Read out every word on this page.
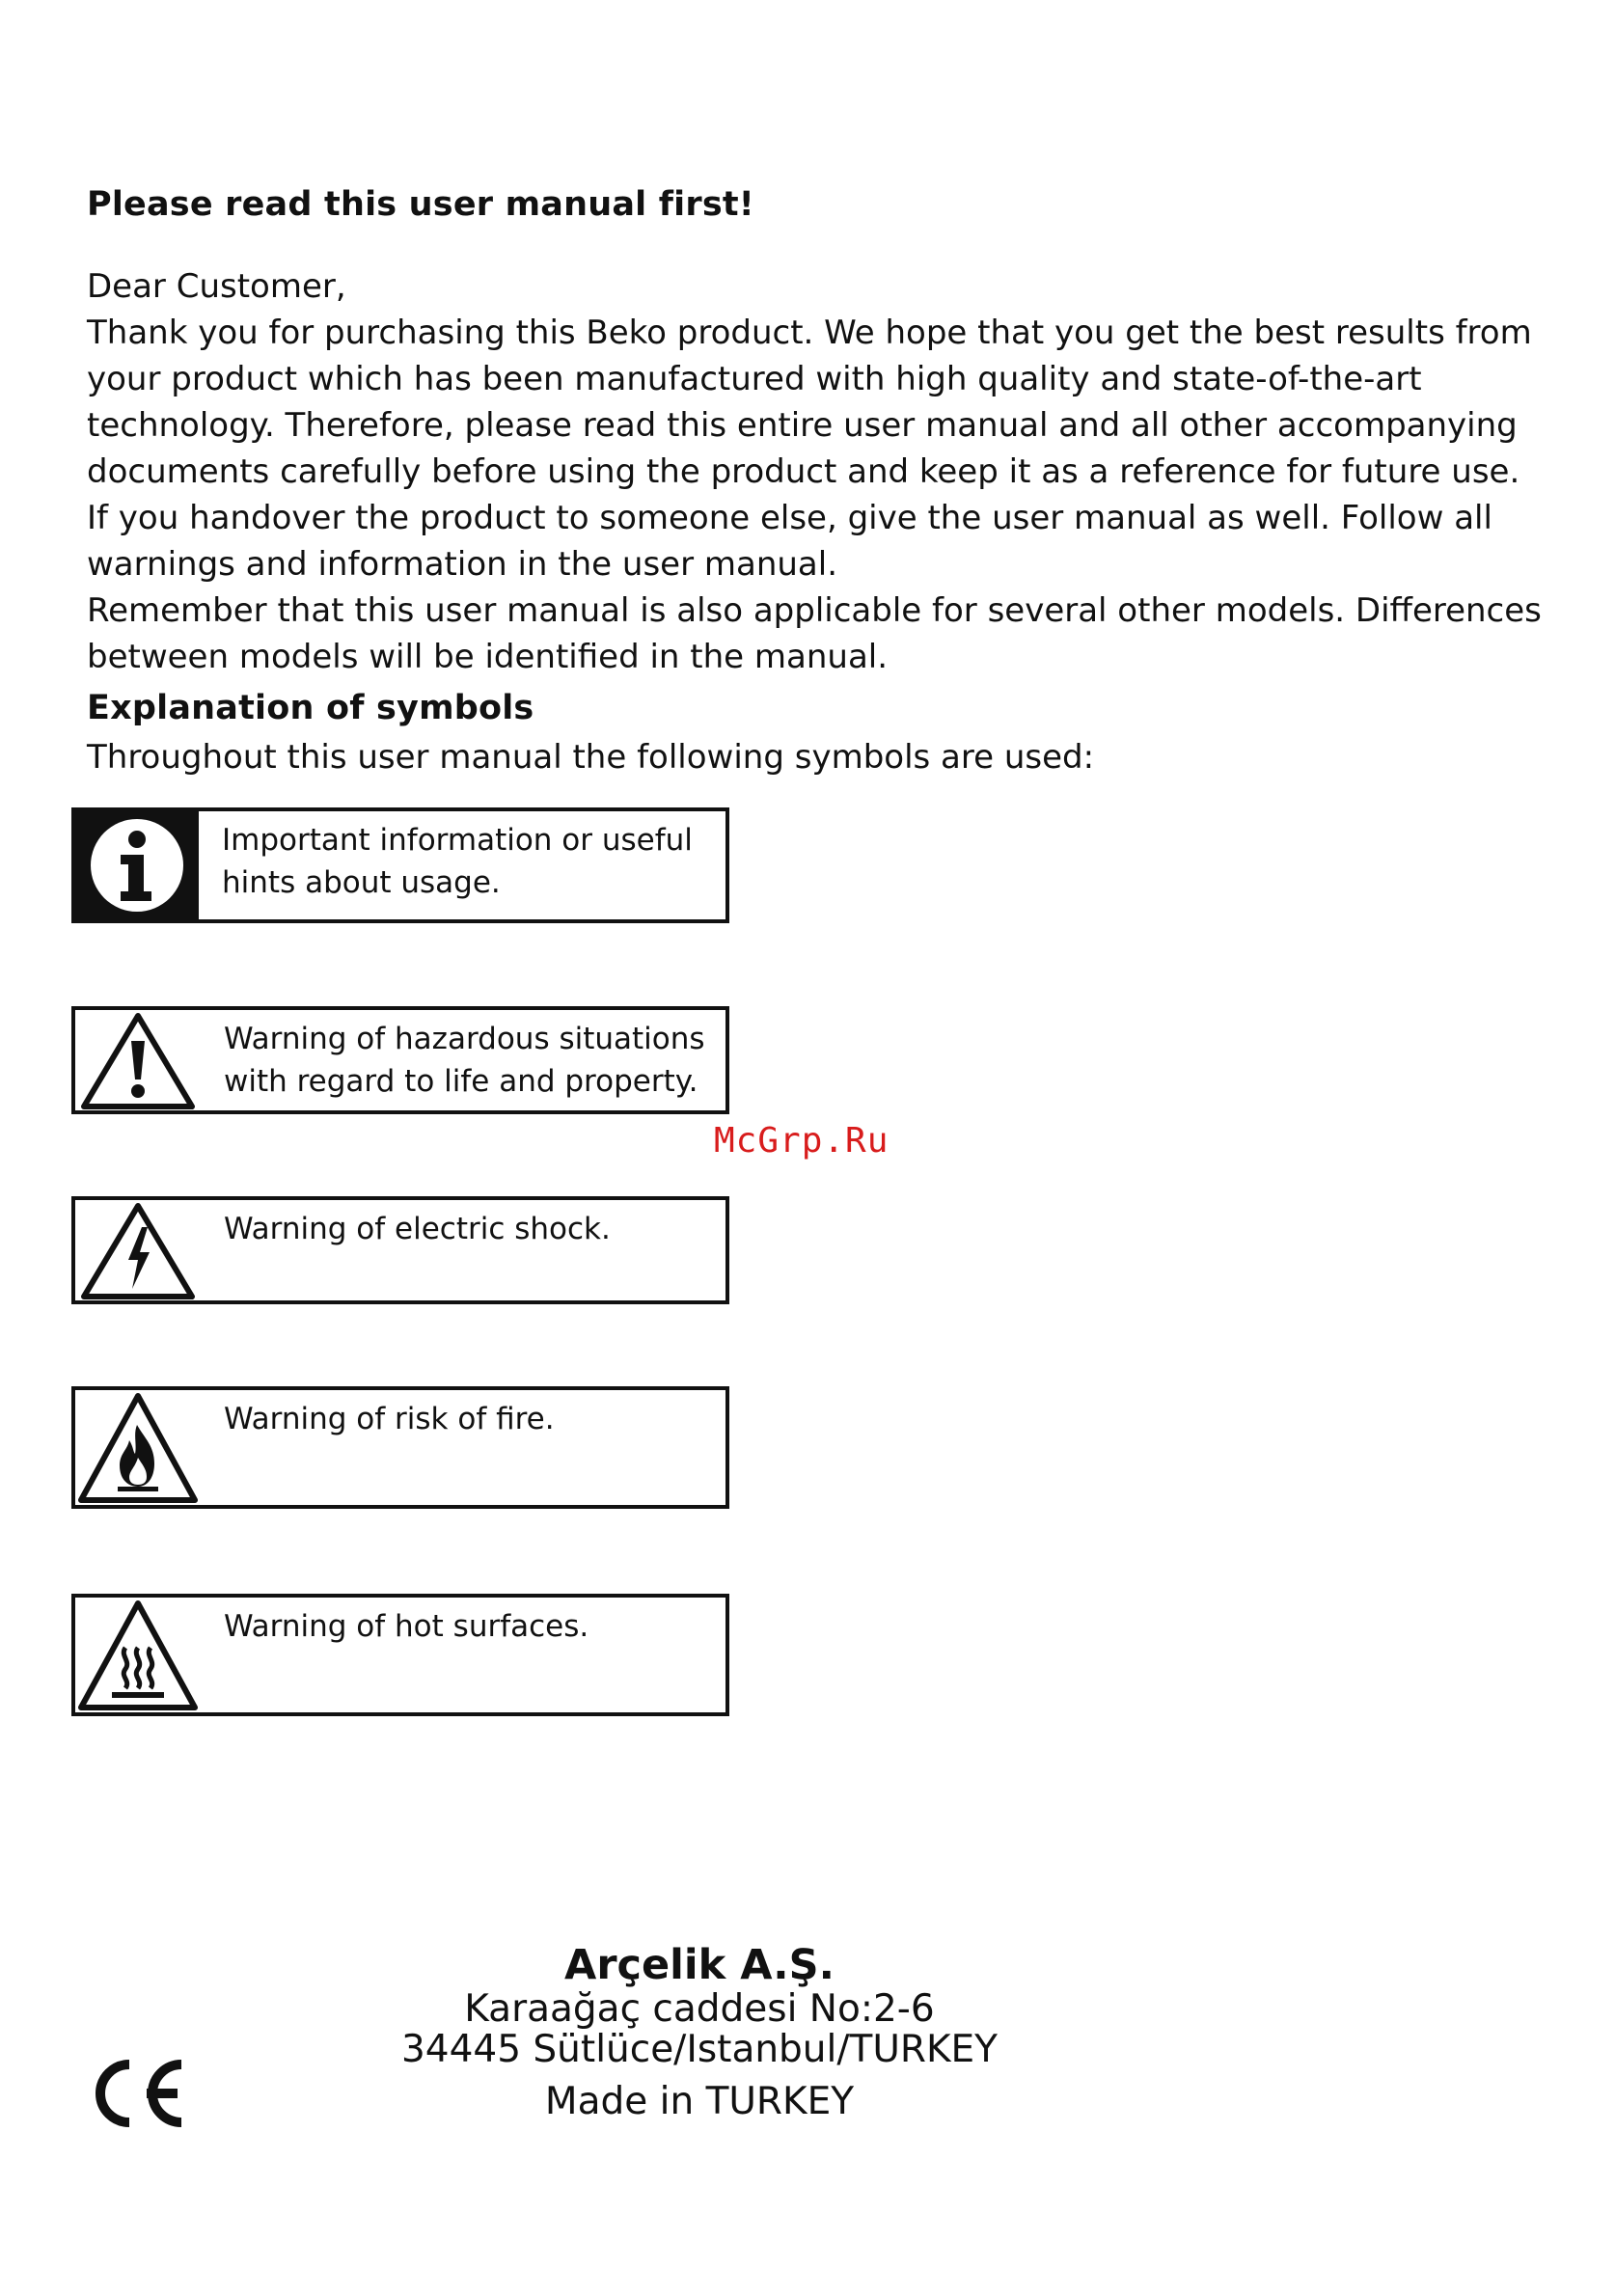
Please read this user manual first!

Dear Customer,

Thank you for purchasing this Beko product. We hope that you get the best results from your product which has been manufactured with high quality and state-of-the-art technology. Therefore, please read this entire user manual and all other accompanying documents carefully before using the product and keep it as a reference for future use. If you handover the product to someone else, give the user manual as well. Follow all warnings and information in the user manual.

Remember that this user manual is also applicable for several other models. Differences between models will be identified in the manual.

Explanation of symbols

Throughout this user manual the following symbols are used:

Important information or useful hints about usage.
Warning of hazardous situations with regard to life and property.
Warning of electric shock.
Warning of risk of fire.
Warning of hot surfaces.
McGrp.Ru

Arçelik A.Ş.

Karaağaç caddesi No:2-6

34445 Sütlüce/Istanbul/TURKEY

Made in TURKEY
